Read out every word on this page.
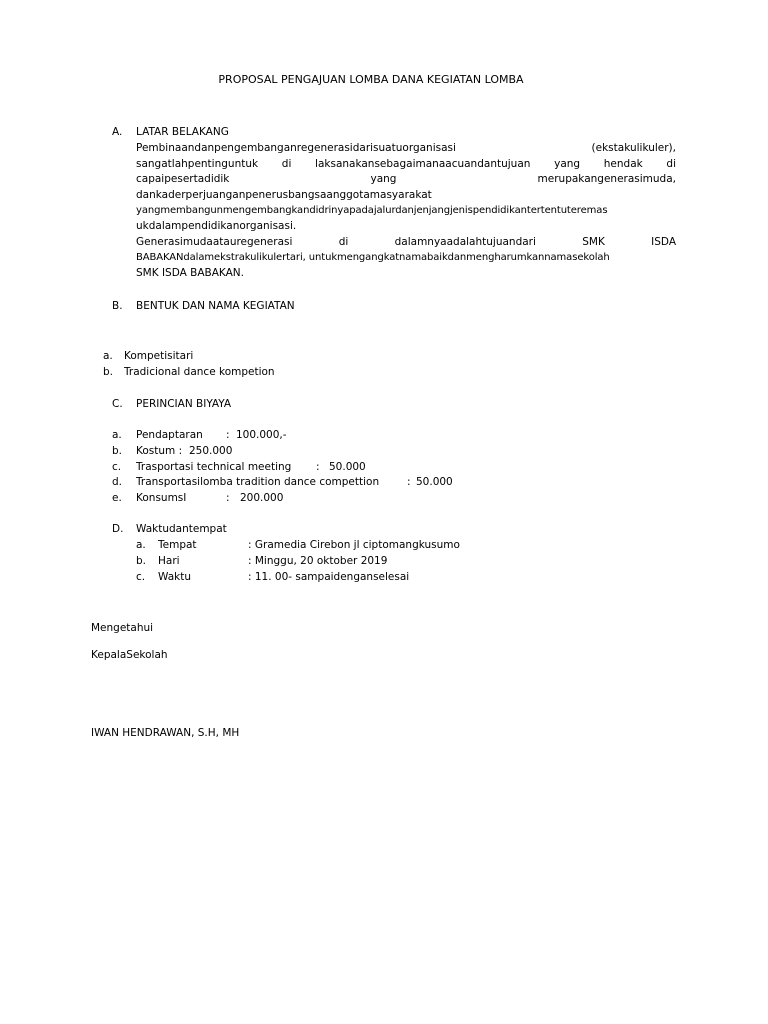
PROPOSAL PENGAJUAN LOMBA DANA KEGIATAN LOMBA
A. LATAR BELAKANG
Pembinaandanpengembanganregenerasidarisuatuorganisasi (ekstakulikuler),
sangatlahpentinguntuk di laksanakansebagaimanaacuandantujuan yang hendak di
capaipesertadidik yang merupakangenerasimuda,
dankaderperjuanganpenerusbangsaanggotamasyarakat
yangmembangunmengembangkandidrinyapadajalurdanjenjangjenispendidikantertentuteremas
ukdalampendidikanorganisasi.
Generasimudaatauregenerasi di dalamnyaadalahtujuandari SMK ISDA
BABAKANdalamekstrakulikulertari, untukmengangkatnamabaikdanmengharumkannamasekolah
SMK ISDA BABAKAN.
B. BENTUK DAN NAMA KEGIATAN
a. Kompetisitari
b. Tradicional dance kompetion
C. PERINCIAN BIYAYA
a. Pendaptaran : 100.000,-
b. Kostum : 250.000
c. Trasportasi technical meeting : 50.000
d. Transportasilomba tradition dance compettion	: 50.000
e. KonsumsI	: 200.000
D. Waktudantempat
a. Tempat	: Gramedia Cirebon jl ciptomangkusumo
b. Hari	: Minggu, 20 oktober 2019
c. Waktu	: 11. 00- sampaidenganselesai
Mengetahui
KepalaSekolah
IWAN HENDRAWAN, S.H, MH
